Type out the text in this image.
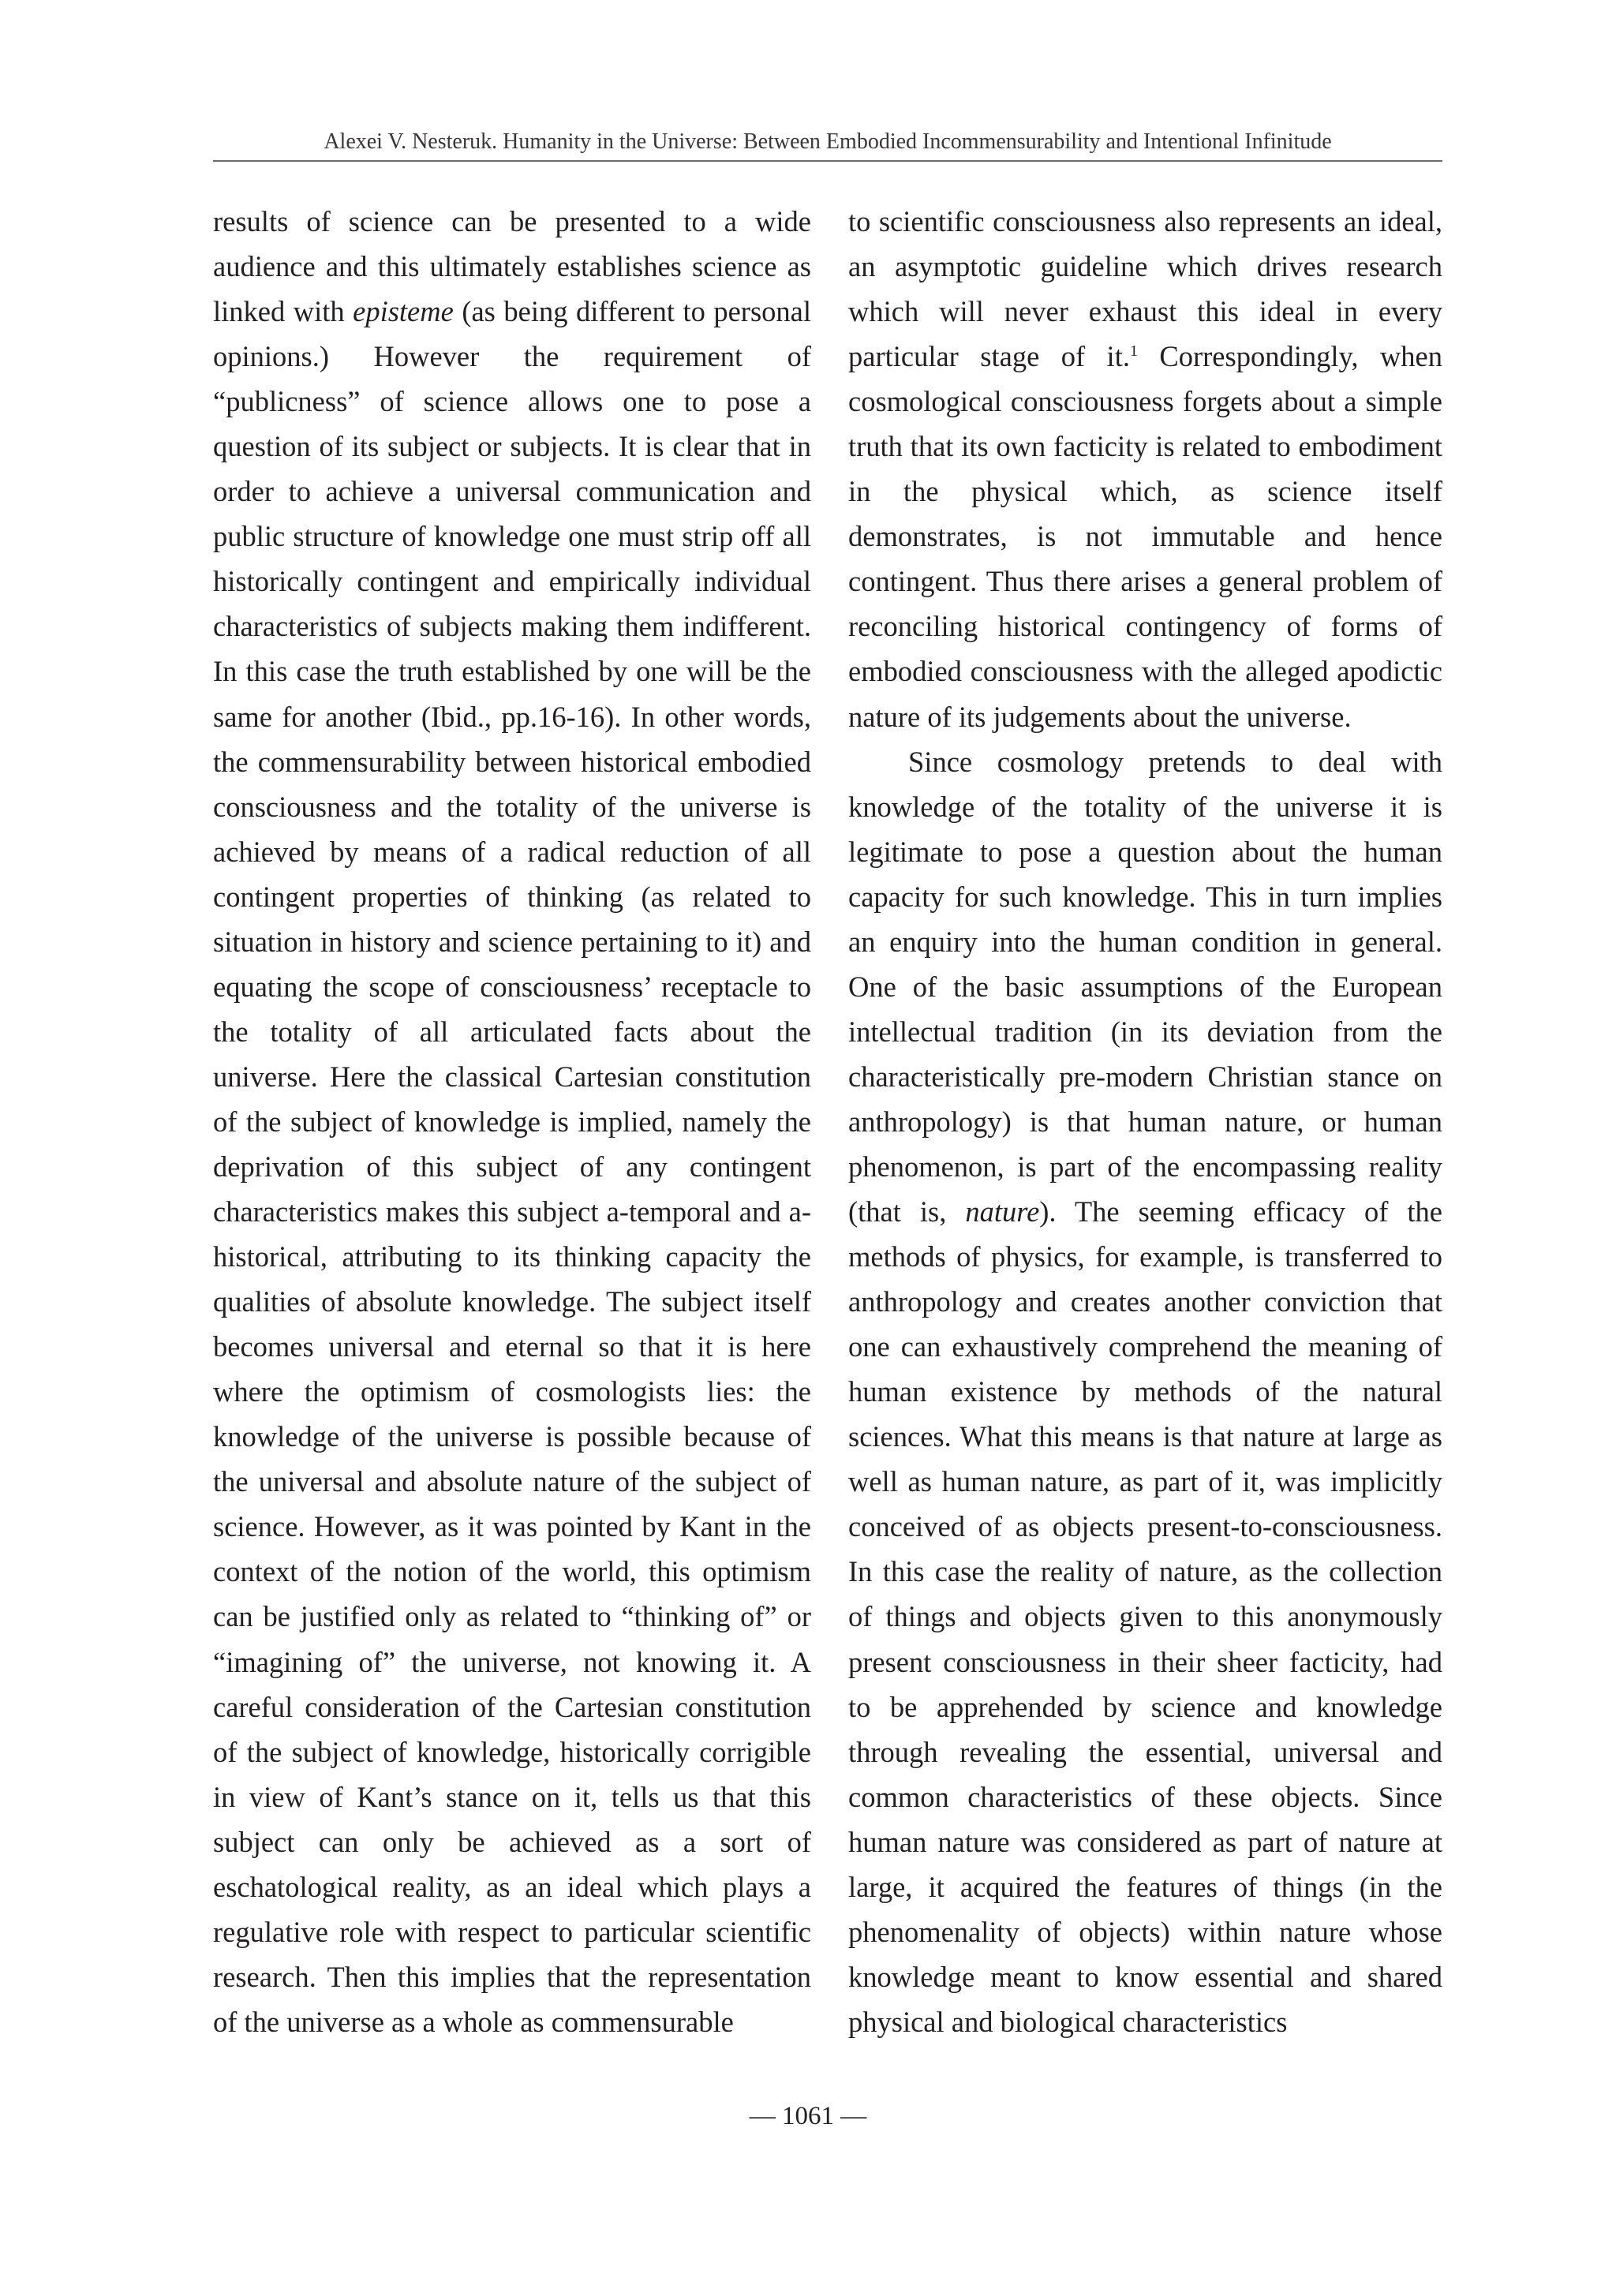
Alexei V. Nesteruk. Humanity in the Universe: Between Embodied Incommensurability and Intentional Infinitude

results of science can be presented to a wide audience and this ultimately establishes science as linked with episteme (as being different to personal opinions.) However the requirement of “publicness” of science allows one to pose a question of its subject or subjects. It is clear that in order to achieve a universal communication and public structure of knowledge one must strip off all historically contingent and empirically individual characteristics of subjects making them indifferent. In this case the truth established by one will be the same for another (Ibid., pp.16-16). In other words, the commensurability between historical embodied consciousness and the totality of the universe is achieved by means of a radical reduction of all contingent properties of thinking (as related to situation in history and science pertaining to it) and equating the scope of consciousness’ receptacle to the totality of all articulated facts about the universe. Here the classical Cartesian constitution of the subject of knowledge is implied, namely the deprivation of this subject of any contingent characteristics makes this subject a-temporal and a-historical, attributing to its thinking capacity the qualities of absolute knowledge. The subject itself becomes universal and eternal so that it is here where the optimism of cosmologists lies: the knowledge of the universe is possible because of the universal and absolute nature of the subject of science. However, as it was pointed by Kant in the context of the notion of the world, this optimism can be justified only as related to “thinking of” or “imagining of” the universe, not knowing it. A careful consideration of the Cartesian constitution of the subject of knowledge, historically corrigible in view of Kant’s stance on it, tells us that this subject can only be achieved as a sort of eschatological reality, as an ideal which plays a regulative role with respect to particular scientific research. Then this implies that the representation of the universe as a whole as commensurable

to scientific consciousness also represents an ideal, an asymptotic guideline which drives research which will never exhaust this ideal in every particular stage of it.$^1$ Correspondingly, when cosmological consciousness forgets about a simple truth that its own facticity is related to embodiment in the physical which, as science itself demonstrates, is not immutable and hence contingent. Thus there arises a general problem of reconciling historical contingency of forms of embodied consciousness with the alleged apodictic nature of its judgements about the universe.

Since cosmology pretends to deal with knowledge of the totality of the universe it is legitimate to pose a question about the human capacity for such knowledge. This in turn implies an enquiry into the human condition in general. One of the basic assumptions of the European intellectual tradition (in its deviation from the characteristically pre-modern Christian stance on anthropology) is that human nature, or human phenomenon, is part of the encompassing reality (that is, nature). The seeming efficacy of the methods of physics, for example, is transferred to anthropology and creates another conviction that one can exhaustively comprehend the meaning of human existence by methods of the natural sciences. What this means is that nature at large as well as human nature, as part of it, was implicitly conceived of as objects present-to-consciousness. In this case the reality of nature, as the collection of things and objects given to this anonymously present consciousness in their sheer facticity, had to be apprehended by science and knowledge through revealing the essential, universal and common characteristics of these objects. Since human nature was considered as part of nature at large, it acquired the features of things (in the phenomenality of objects) within nature whose knowledge meant to know essential and shared physical and biological characteristics

— 1061 —
